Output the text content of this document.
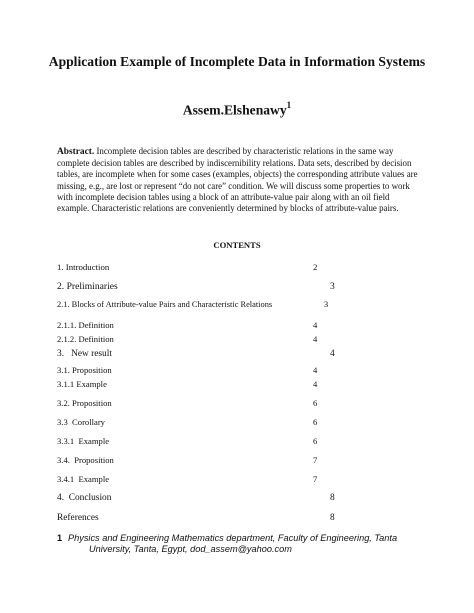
Application Example of Incomplete Data in Information Systems
Assem.Elshenawy$^1$
Abstract. Incomplete decision tables are described by characteristic relations in the same way complete decision tables are described by indiscernibility relations. Data sets, described by decision tables, are incomplete when for some cases (examples, objects) the corresponding attribute values are missing, e.g., are lost or represent “do not care” condition. We will discuss some properties to work with incomplete decision tables using a block of an attribute-value pair along with an oil field example. Characteristic relations are conveniently determined by blocks of attribute-value pairs.
CONTENTS
1. Introduction	2
2. Preliminaries	3
2.1. Blocks of Attribute-value Pairs and Characteristic Relations	3
2.1.1. Definition	4
2.1.2. Definition	4
3.   New result	4
3.1. Proposition	4
3.1.1 Example	4
3.2. Proposition	6
3.3  Corollary	6
3.3.1  Example	6
3.4.  Proposition	7
3.4.1  Example	7
4.  Conclusion	8
References	8
1 Physics and Engineering Mathematics department, Faculty of Engineering, Tanta
University, Tanta, Egypt, dod_assem@yahoo.com
